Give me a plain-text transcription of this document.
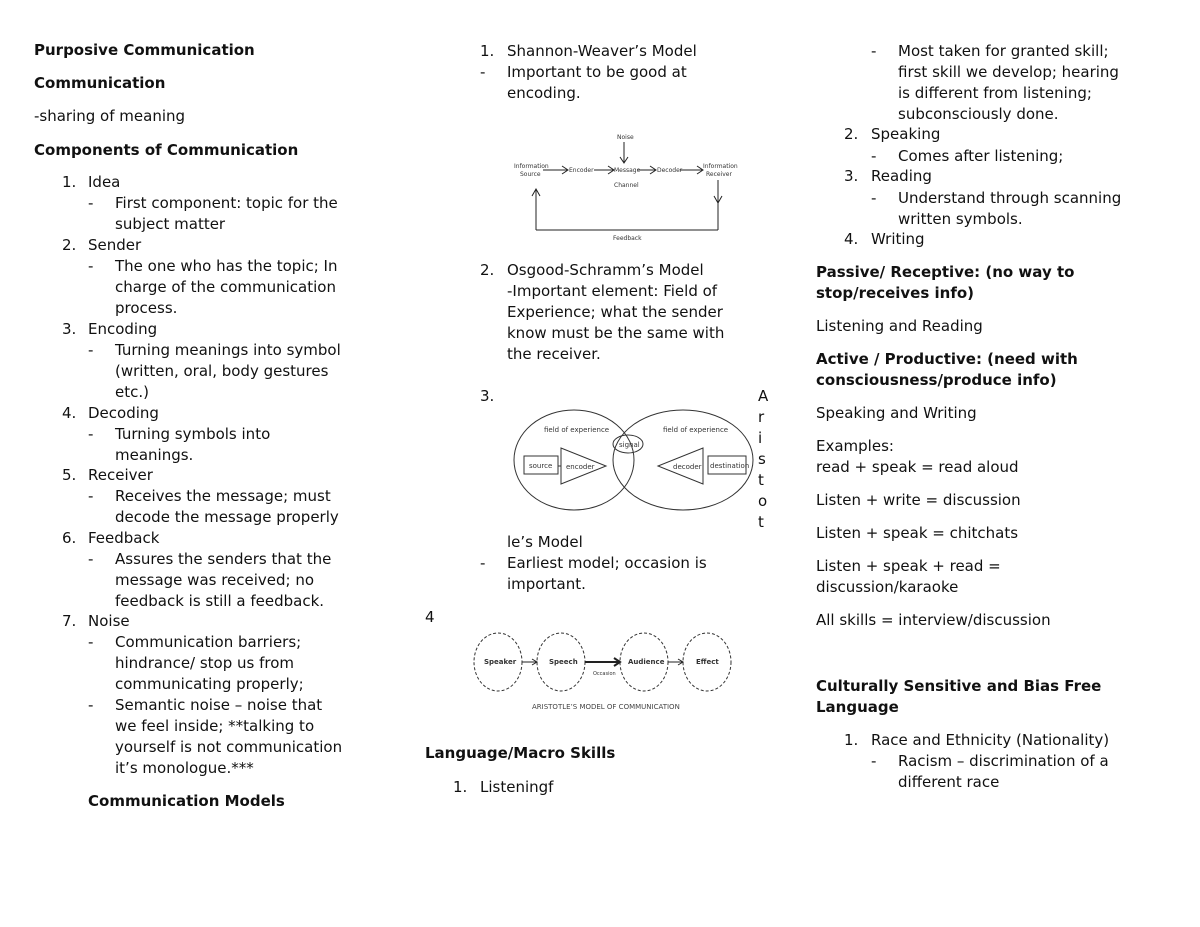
Purposive Communication
Communication
-sharing of meaning
Components of Communication
1. Idea
- First component: topic for the
subject matter
2. Sender
- The one who has the topic; In
charge of the communication
process.
3. Encoding
- Turning meanings into symbol
(written, oral, body gestures
etc.)
4. Decoding
- Turning symbols into
meanings.
5. Receiver
- Receives the message; must
decode the message properly
6. Feedback
- Assures the senders that the
message was received; no
feedback is still a feedback.
7. Noise
- Communication barriers;
hindrance/ stop us from
communicating properly;
- Semantic noise – noise that
we feel inside; **talking to
yourself is not communication
it’s monologue.***
Communication Models
1. Shannon-Weaver’s Model
- Important to be good at
encoding.
Noise
Information
Source
Encoder	Message	Decoder
Information
Receiver
Channel
Feedback
2. Osgood-Schramm’s Model
-Important element: Field of
Experience; what the sender
know must be the same with
the receiver.
3.	A
r
i
s
t
o
t
field of experience	field of experience
signal
source encoder	decoder destination
le’s Model
- Earliest model; occasion is
important.
4
Speaker	Speech	Audience	Effect
Occasion
ARISTOTLE’S MODEL OF COMMUNICATION
Language/Macro Skills
1. Listeningf
- Most taken for granted skill;
first skill we develop; hearing
is different from listening;
subconsciously done.
2. Speaking
- Comes after listening;
3. Reading
- Understand through scanning
written symbols.
4. Writing
Passive/ Receptive: (no way to
stop/receives info)
Listening and Reading
Active / Productive: (need with
consciousness/produce info)
Speaking and Writing
Examples:
read + speak = read aloud
Listen + write = discussion
Listen + speak = chitchats
Listen + speak + read =
discussion/karaoke
All skills = interview/discussion
Culturally Sensitive and Bias Free
Language
1. Race and Ethnicity (Nationality)
- Racism – discrimination of a
different race
